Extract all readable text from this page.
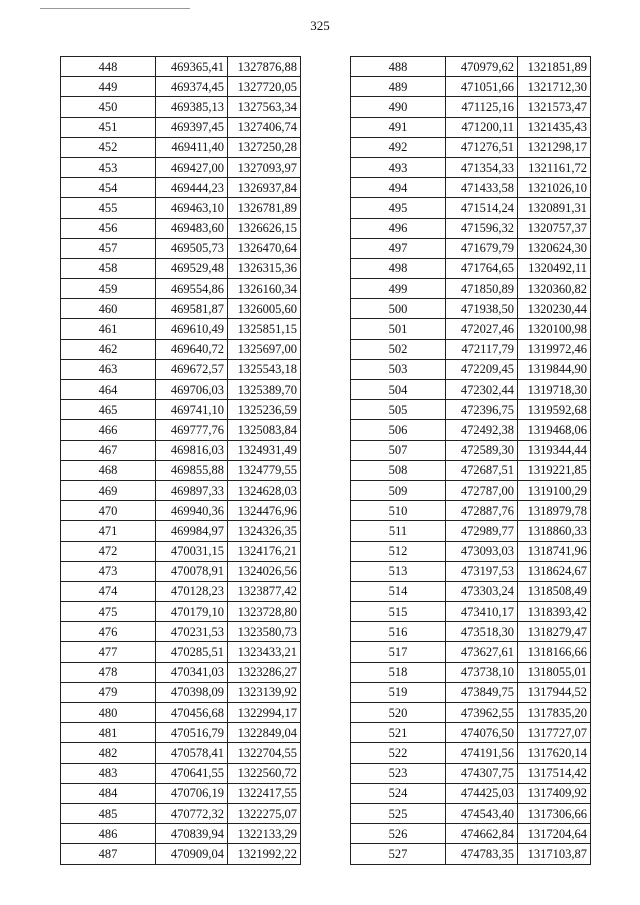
325
448	469365,41	1327876,88
449	469374,45	1327720,05
450	469385,13	1327563,34
451	469397,45	1327406,74
452	469411,40	1327250,28
453	469427,00	1327093,97
454	469444,23	1326937,84
455	469463,10	1326781,89
456	469483,60	1326626,15
457	469505,73	1326470,64
458	469529,48	1326315,36
459	469554,86	1326160,34
460	469581,87	1326005,60
461	469610,49	1325851,15
462	469640,72	1325697,00
463	469672,57	1325543,18
464	469706,03	1325389,70
465	469741,10	1325236,59
466	469777,76	1325083,84
467	469816,03	1324931,49
468	469855,88	1324779,55
469	469897,33	1324628,03
470	469940,36	1324476,96
471	469984,97	1324326,35
472	470031,15	1324176,21
473	470078,91	1324026,56
474	470128,23	1323877,42
475	470179,10	1323728,80
476	470231,53	1323580,73
477	470285,51	1323433,21
478	470341,03	1323286,27
479	470398,09	1323139,92
480	470456,68	1322994,17
481	470516,79	1322849,04
482	470578,41	1322704,55
483	470641,55	1322560,72
484	470706,19	1322417,55
485	470772,32	1322275,07
486	470839,94	1322133,29
487	470909,04	1321992,22
488	470979,62	1321851,89
489	471051,66	1321712,30
490	471125,16	1321573,47
491	471200,11	1321435,43
492	471276,51	1321298,17
493	471354,33	1321161,72
494	471433,58	1321026,10
495	471514,24	1320891,31
496	471596,32	1320757,37
497	471679,79	1320624,30
498	471764,65	1320492,11
499	471850,89	1320360,82
500	471938,50	1320230,44
501	472027,46	1320100,98
502	472117,79	1319972,46
503	472209,45	1319844,90
504	472302,44	1319718,30
505	472396,75	1319592,68
506	472492,38	1319468,06
507	472589,30	1319344,44
508	472687,51	1319221,85
509	472787,00	1319100,29
510	472887,76	1318979,78
511	472989,77	1318860,33
512	473093,03	1318741,96
513	473197,53	1318624,67
514	473303,24	1318508,49
515	473410,17	1318393,42
516	473518,30	1318279,47
517	473627,61	1318166,66
518	473738,10	1318055,01
519	473849,75	1317944,52
520	473962,55	1317835,20
521	474076,50	1317727,07
522	474191,56	1317620,14
523	474307,75	1317514,42
524	474425,03	1317409,92
525	474543,40	1317306,66
526	474662,84	1317204,64
527	474783,35	1317103,87
